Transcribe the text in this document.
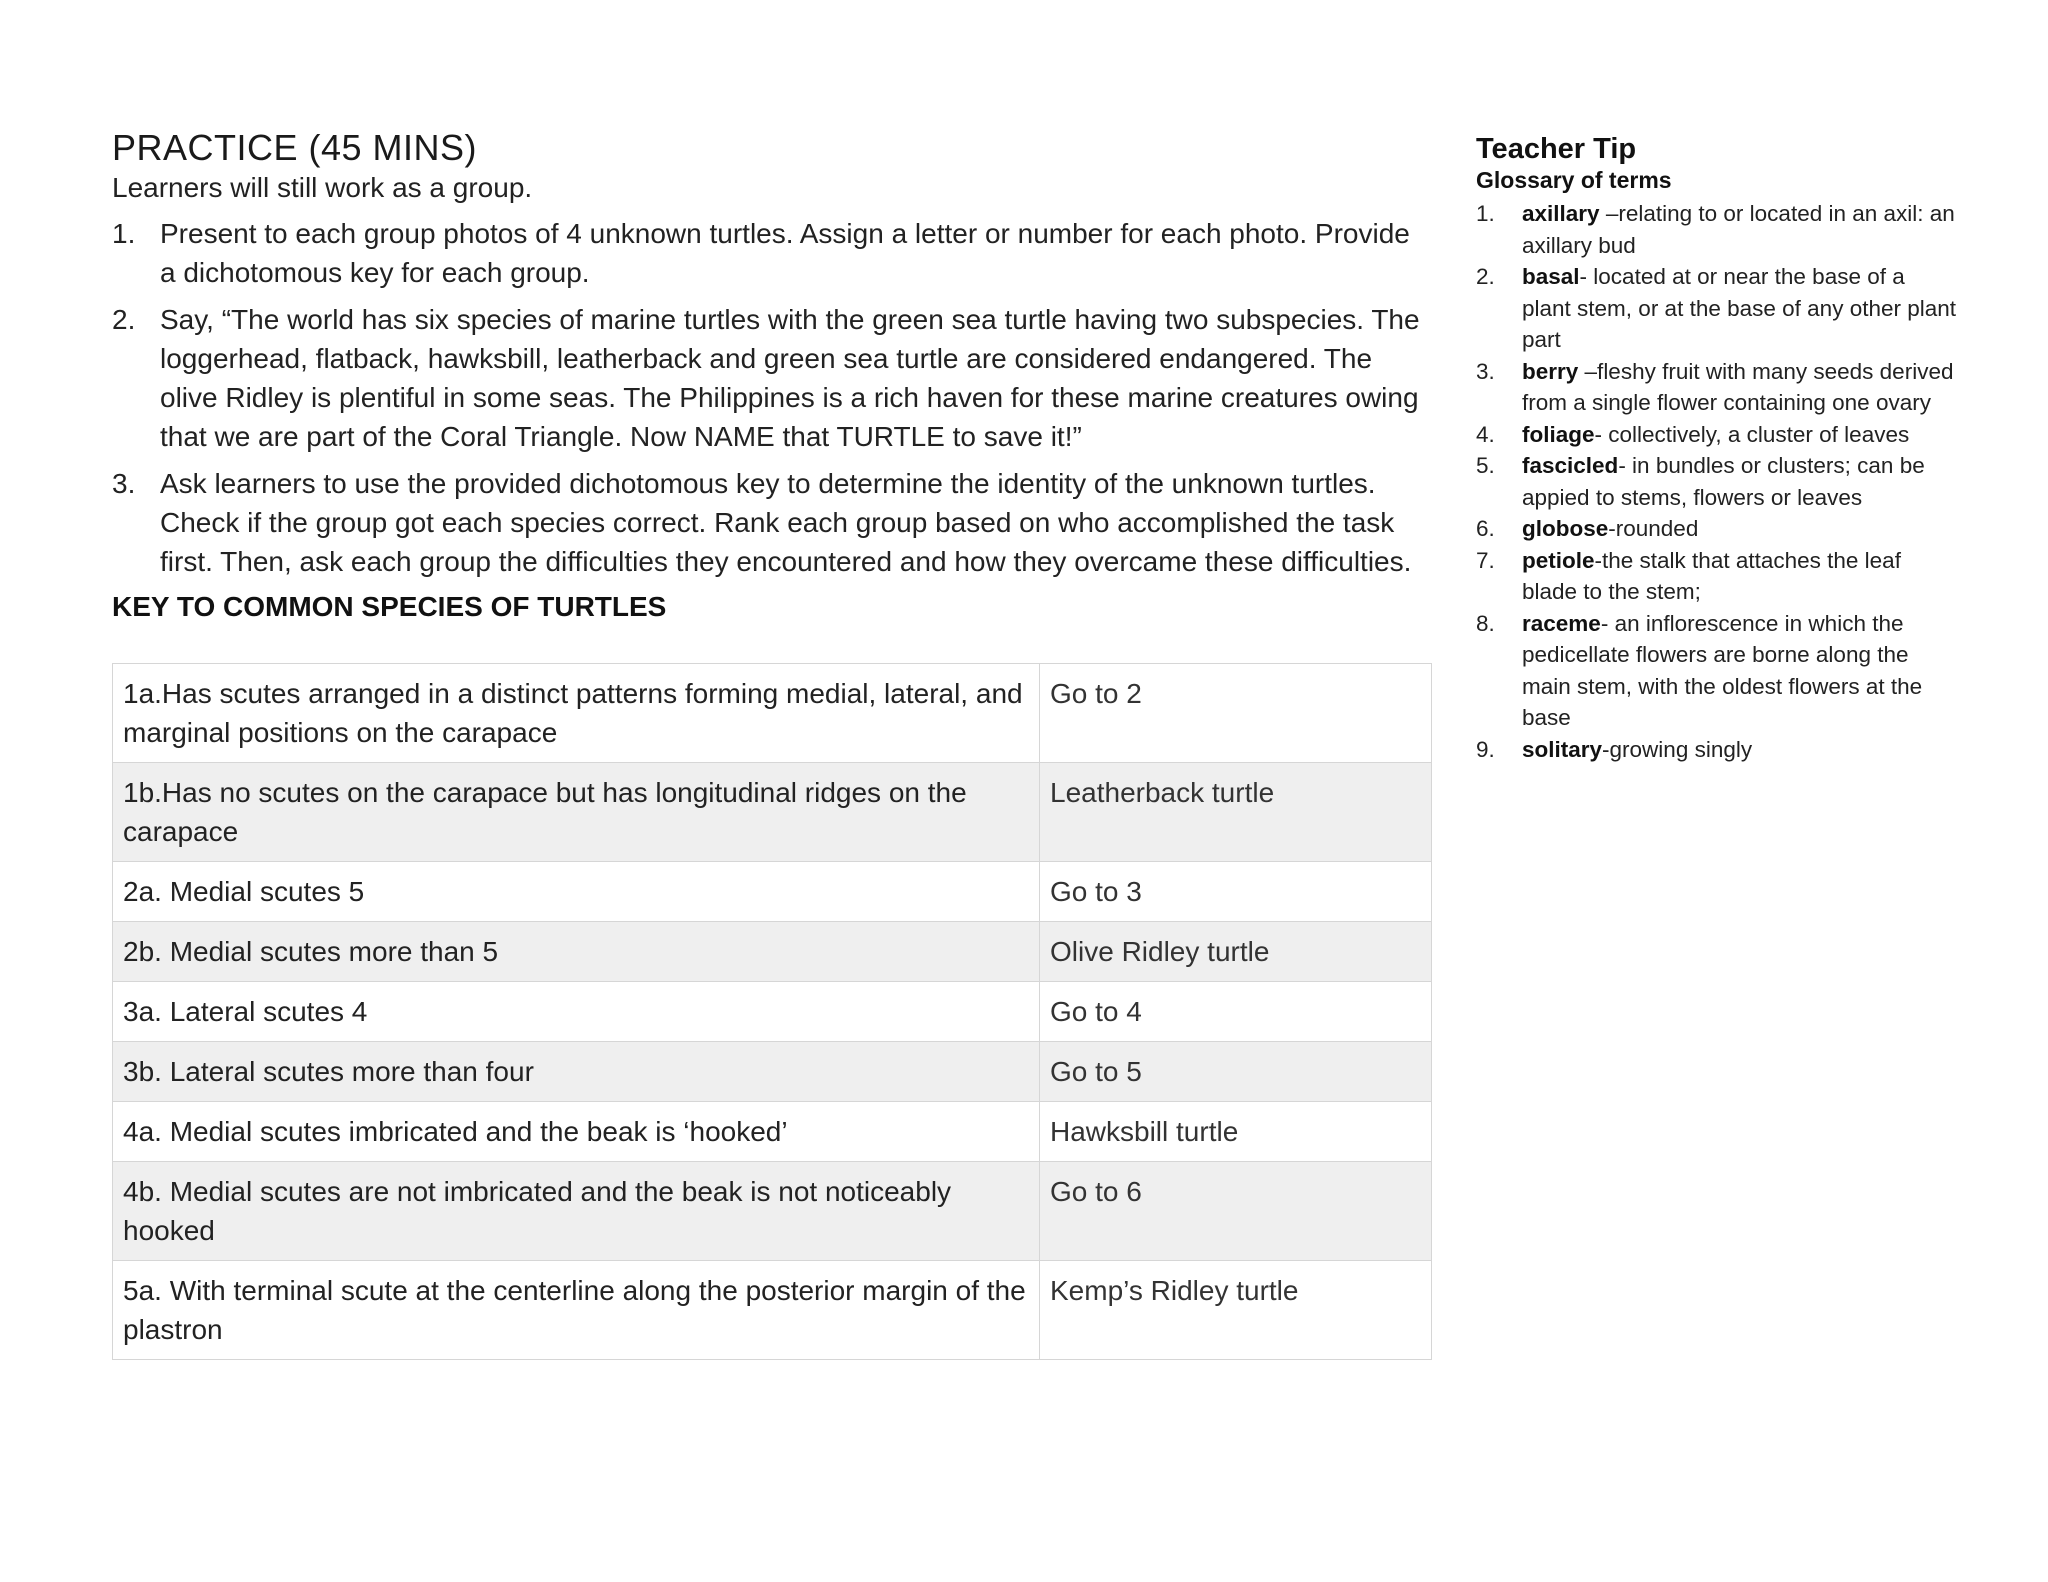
PRACTICE (45 MINS)

Learners will still work as a group.

1. Present to each group photos of 4 unknown turtles. Assign a letter or number for each photo. Provide a dichotomous key for each group.
2. Say, “The world has six species of marine turtles with the green sea turtle having two subspecies. The loggerhead, flatback, hawksbill, leatherback and green sea turtle are considered endangered. The olive Ridley is plentiful in some seas. The Philippines is a rich haven for these marine creatures owing that we are part of the Coral Triangle. Now NAME that TURTLE to save it!”
3. Ask learners to use the provided dichotomous key to determine the identity of the unknown turtles. Check if the group got each species correct. Rank each group based on who accomplished the task first. Then, ask each group the difficulties they encountered and how they overcame these difficulties.
KEY TO COMMON SPECIES OF TURTLES
1a.Has scutes arranged in a distinct patterns forming medial, lateral, and marginal positions on the carapace	Go to 2
1b.Has no scutes on the carapace but has longitudinal ridges on the carapace	Leatherback turtle
2a. Medial scutes 5	Go to 3
2b. Medial scutes more than 5	Olive Ridley turtle
3a. Lateral scutes 4	Go to 4
3b. Lateral scutes more than four	Go to 5
4a. Medial scutes imbricated and the beak is ‘hooked’	Hawksbill turtle
4b. Medial scutes are not imbricated and the beak is not noticeably hooked	Go to 6
5a. With terminal scute at the centerline along the posterior margin of the plastron	Kemp’s Ridley turtle
Teacher Tip
Glossary of terms
1. axillary –relating to or located in an axil: an axillary bud
2. basal- located at or near the base of a plant stem, or at the base of any other plant part
3. berry –fleshy fruit with many seeds derived from a single flower containing one ovary
4. foliage- collectively, a cluster of leaves
5. fascicled- in bundles or clusters; can be appied to stems, flowers or leaves
6. globose-rounded
7. petiole-the stalk that attaches the leaf blade to the stem;
8. raceme- an inflorescence in which the pedicellate flowers are borne along the main stem, with the oldest flowers at the base
9. solitary-growing singly
